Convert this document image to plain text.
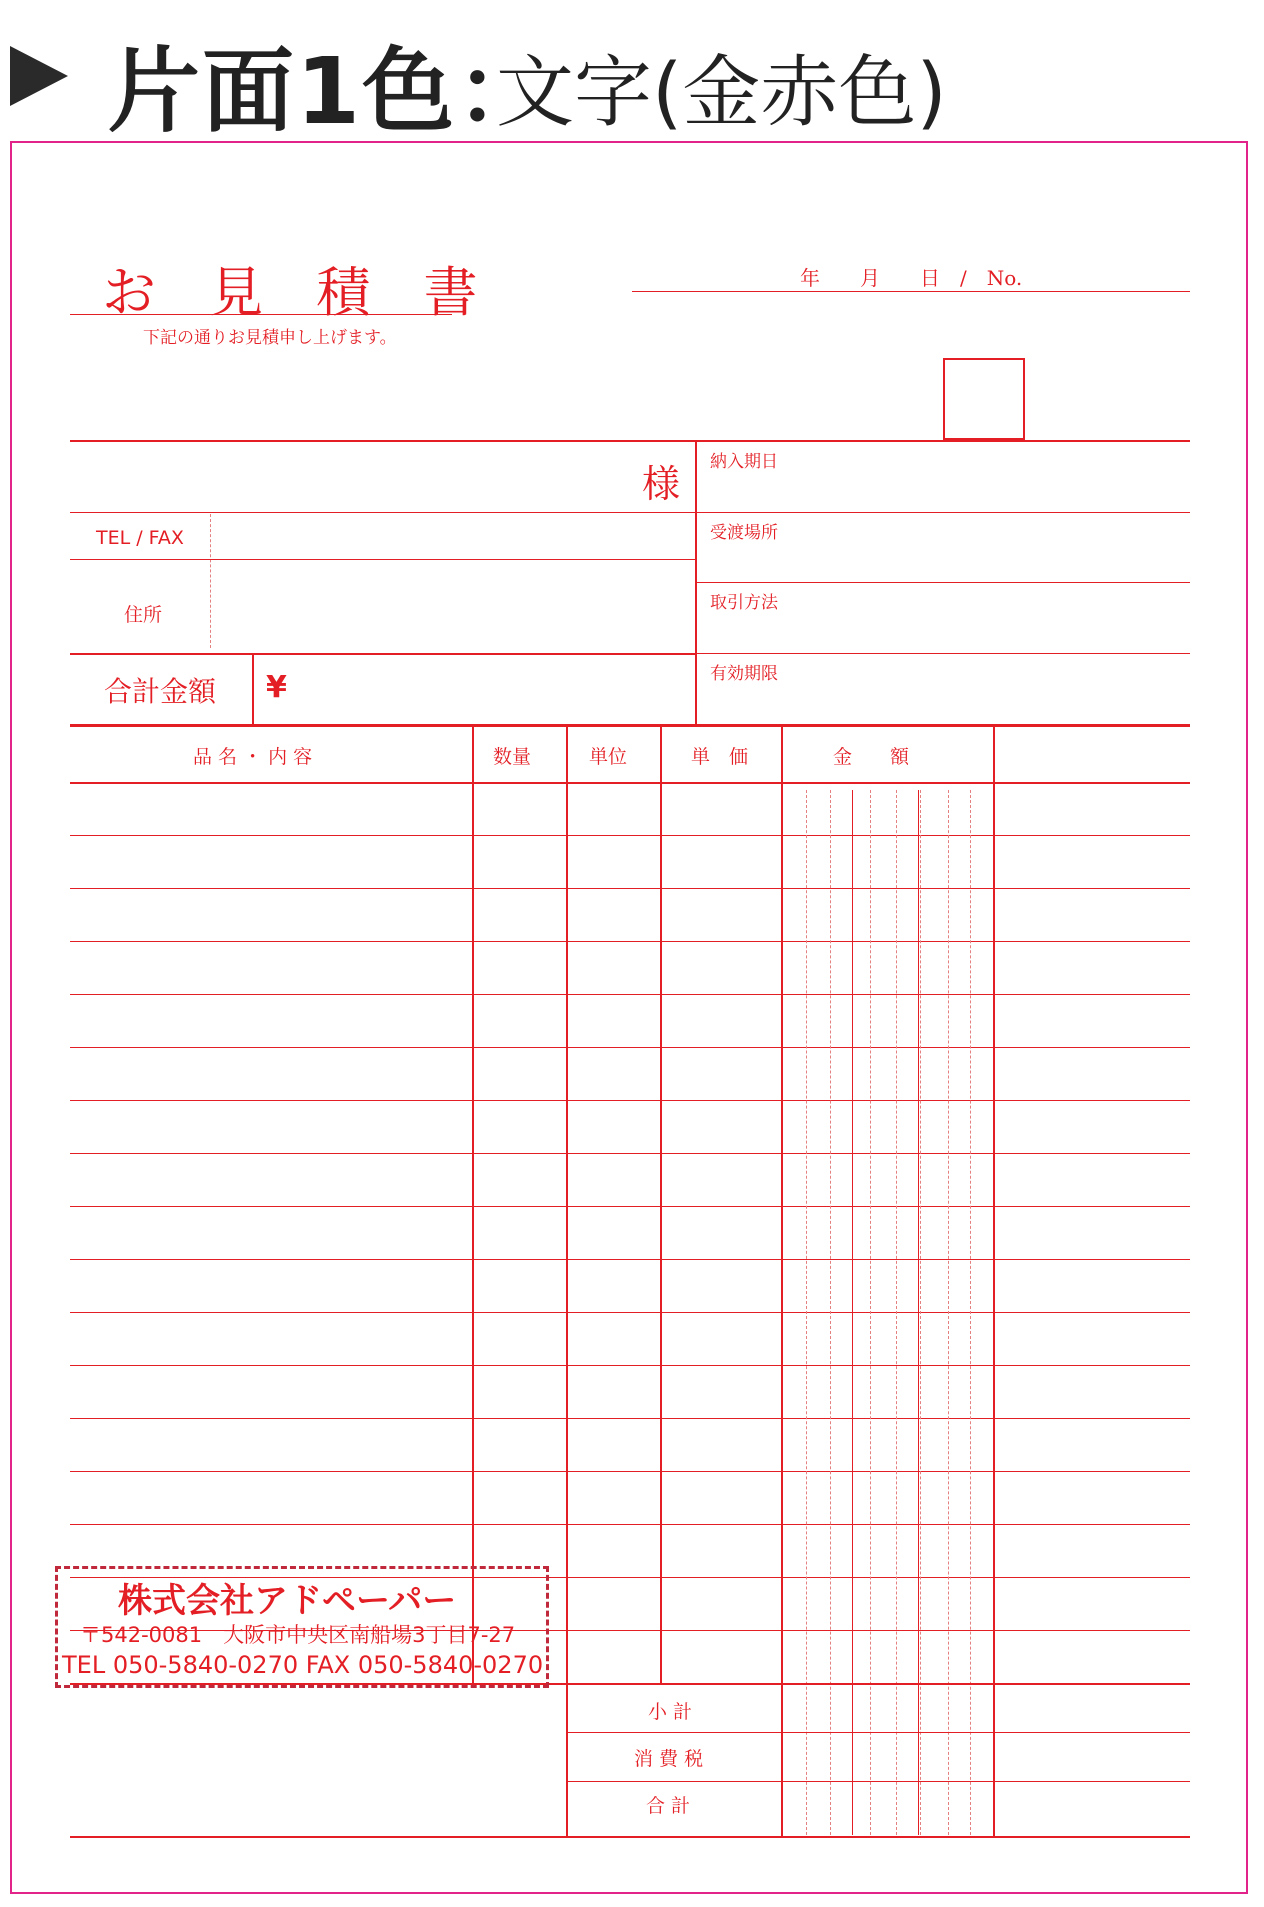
片面1色：
文字(金赤色)
お 見 積 書
下記の通りお見積申し上げます。
年　　月　　日　/　No.
様
TEL / FAX
住所
合計金額 ¥
納入期日
受渡場所
取引方法
有効期限
品 名 ・ 内 容	数量	単位	単　価	金　　額
小 計
消 費 税
合 計
株式会社アドペーパー
〒542-0081　大阪市中央区南船場3丁目7-27
TEL 050-5840-0270 FAX 050-5840-0270
